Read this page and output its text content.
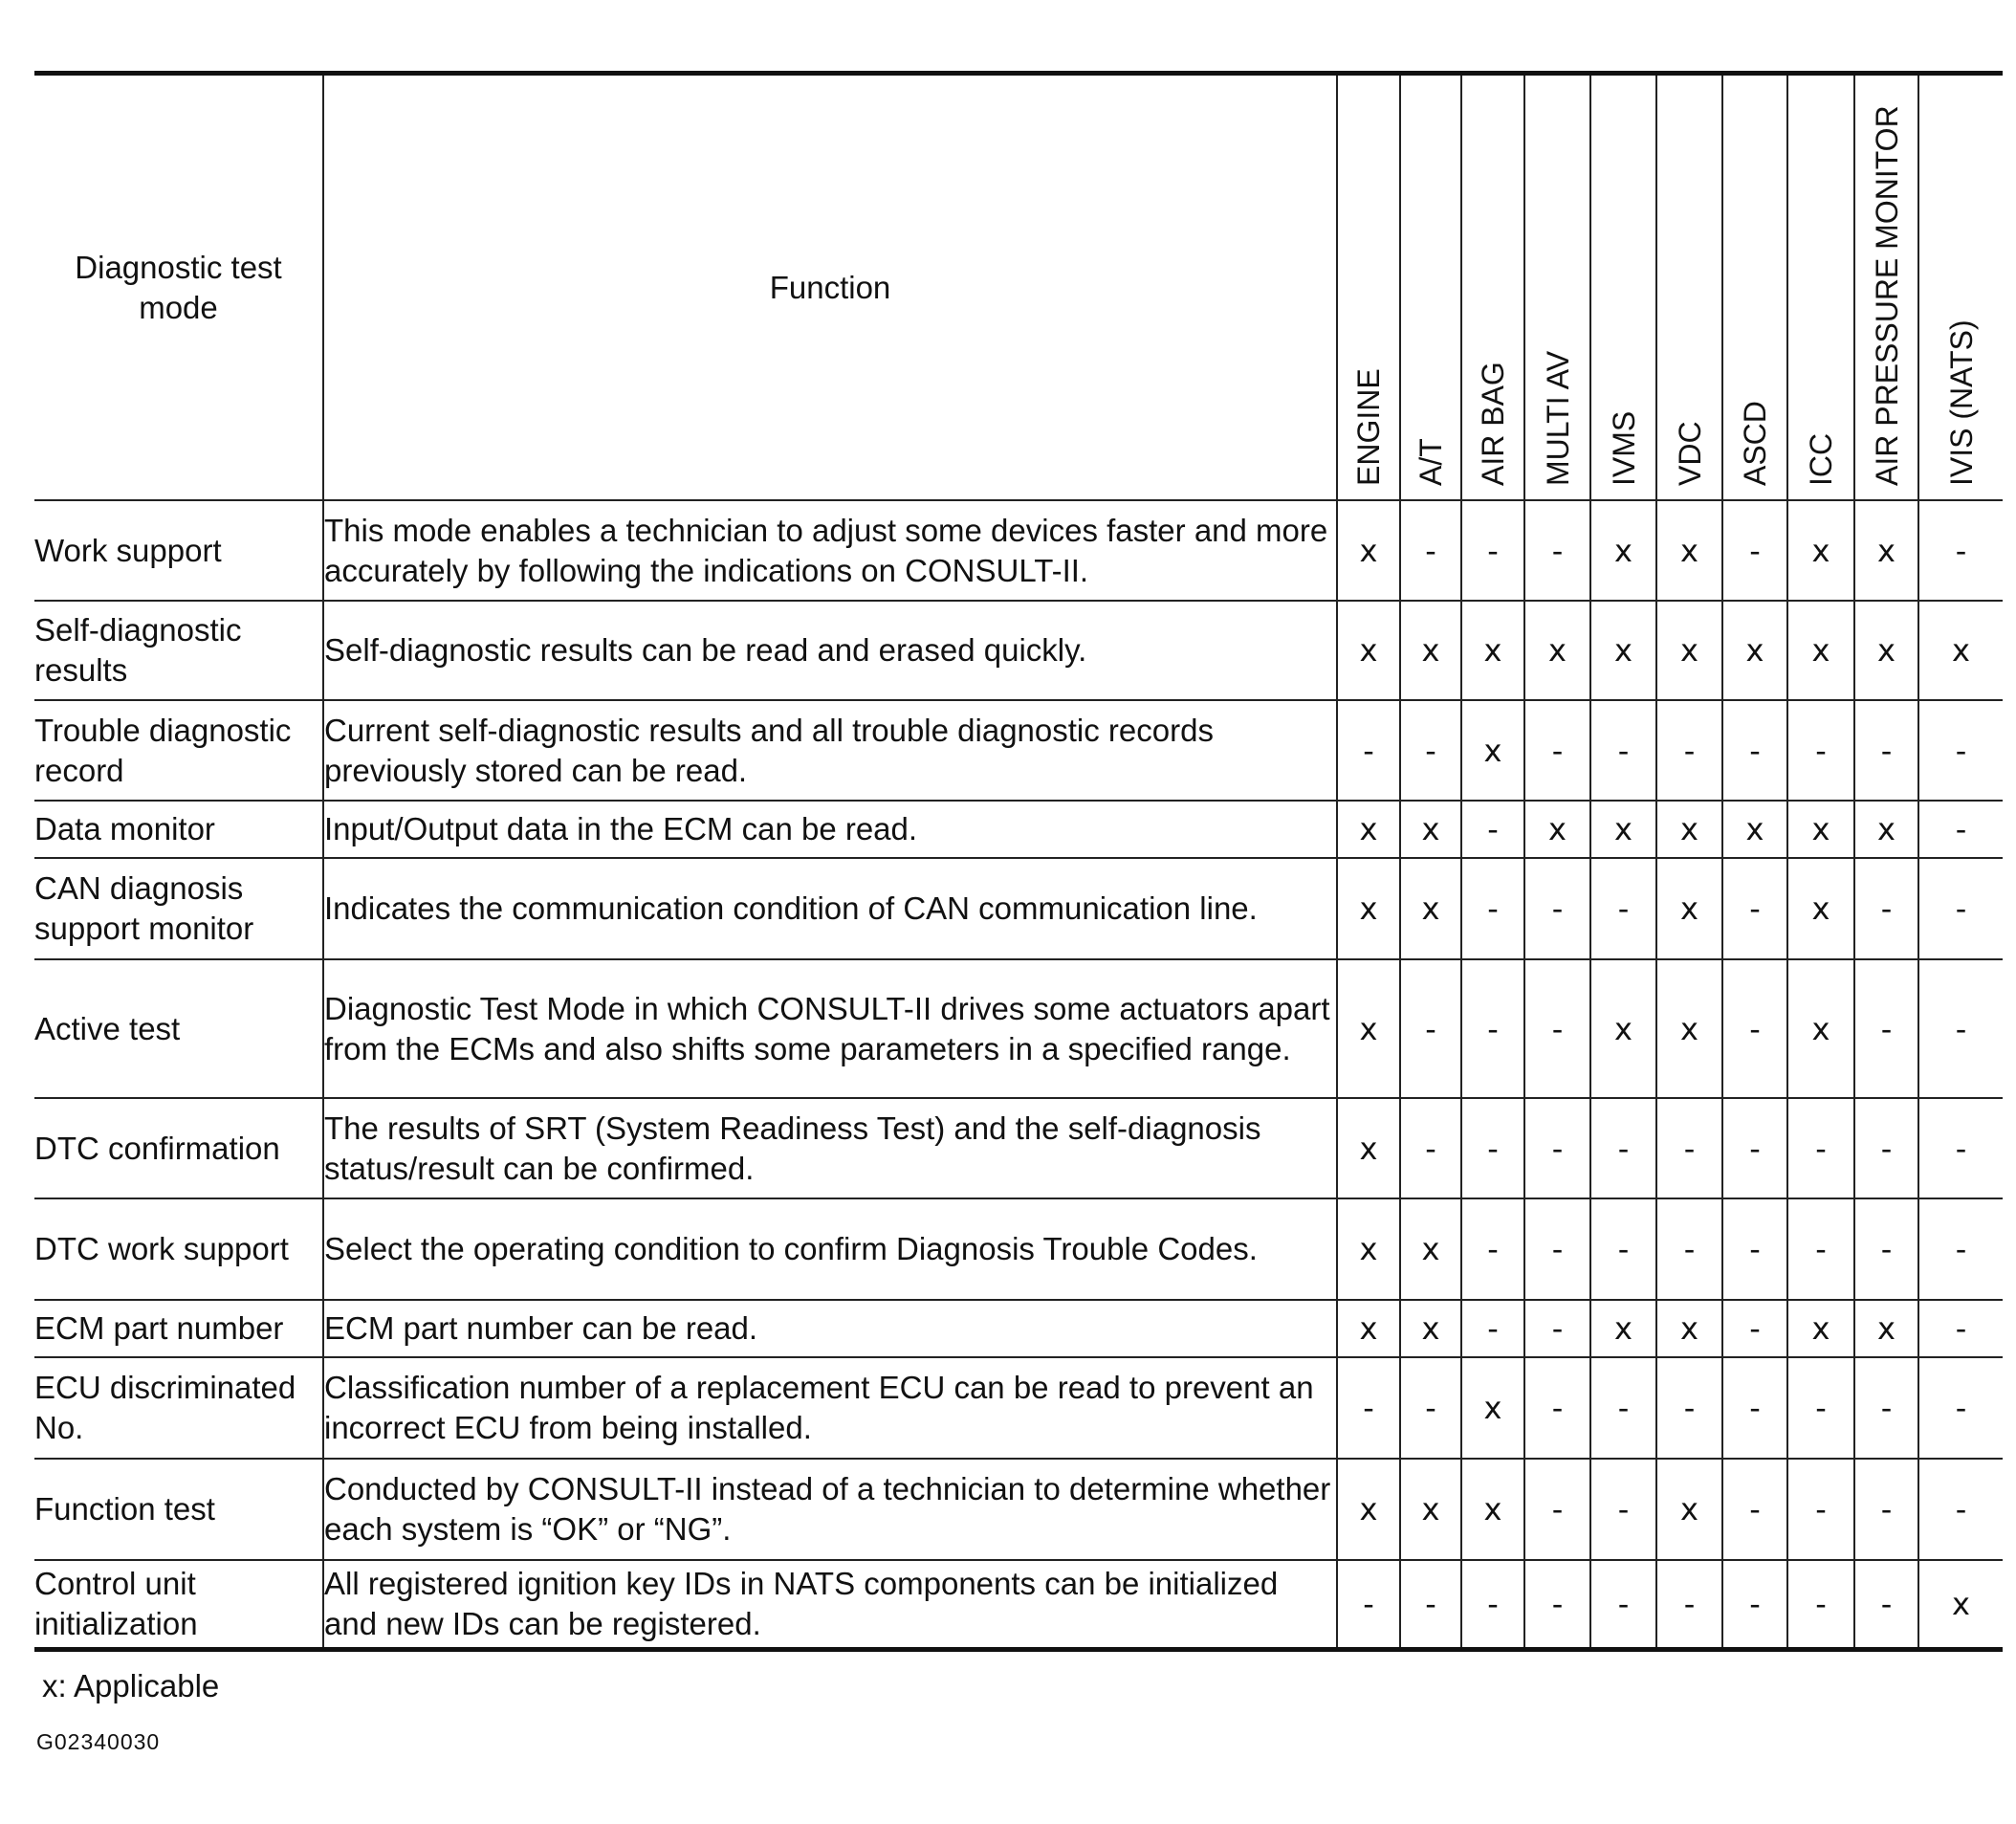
Diagnostic test mode	Function	ENGINE	A/T	AIR BAG	MULTI AV	IVMS	VDC	ASCD	ICC	AIR PRESSURE MONITOR	IVIS (NATS)

Work support	This mode enables a technician to adjust some devices faster and more accurately by following the indications on CONSULT-II.	x	-	-	-	x	x	-	x	x	-
Self-diagnostic results	Self-diagnostic results can be read and erased quickly.	x	x	x	x	x	x	x	x	x	x
Trouble diagnostic record	Current self-diagnostic results and all trouble diagnostic records previously stored can be read.	-	-	x	-	-	-	-	-	-	-
Data monitor	Input/Output data in the ECM can be read.	x	x	-	x	x	x	x	x	x	-
CAN diagnosis support monitor	Indicates the communication condition of CAN communication line.	x	x	-	-	-	x	-	x	-	-
Active test	Diagnostic Test Mode in which CONSULT-II drives some actuators apart from the ECMs and also shifts some parameters in a specified range.	x	-	-	-	x	x	-	x	-	-
DTC confirmation	The results of SRT (System Readiness Test) and the self-diagnosis status/result can be confirmed.	x	-	-	-	-	-	-	-	-	-
DTC work support	Select the operating condition to confirm Diagnosis Trouble Codes.	x	x	-	-	-	-	-	-	-	-
ECM part number	ECM part number can be read.	x	x	-	-	x	x	-	x	x	-
ECU discriminated No.	Classification number of a replacement ECU can be read to prevent an incorrect ECU from being installed.	-	-	x	-	-	-	-	-	-	-
Function test	Conducted by CONSULT-II instead of a technician to determine whether each system is “OK” or “NG”.	x	x	x	-	-	x	-	-	-	-
Control unit initialization	All registered ignition key IDs in NATS components can be initialized and new IDs can be registered.	-	-	-	-	-	-	-	-	-	x
x: Applicable
G02340030
